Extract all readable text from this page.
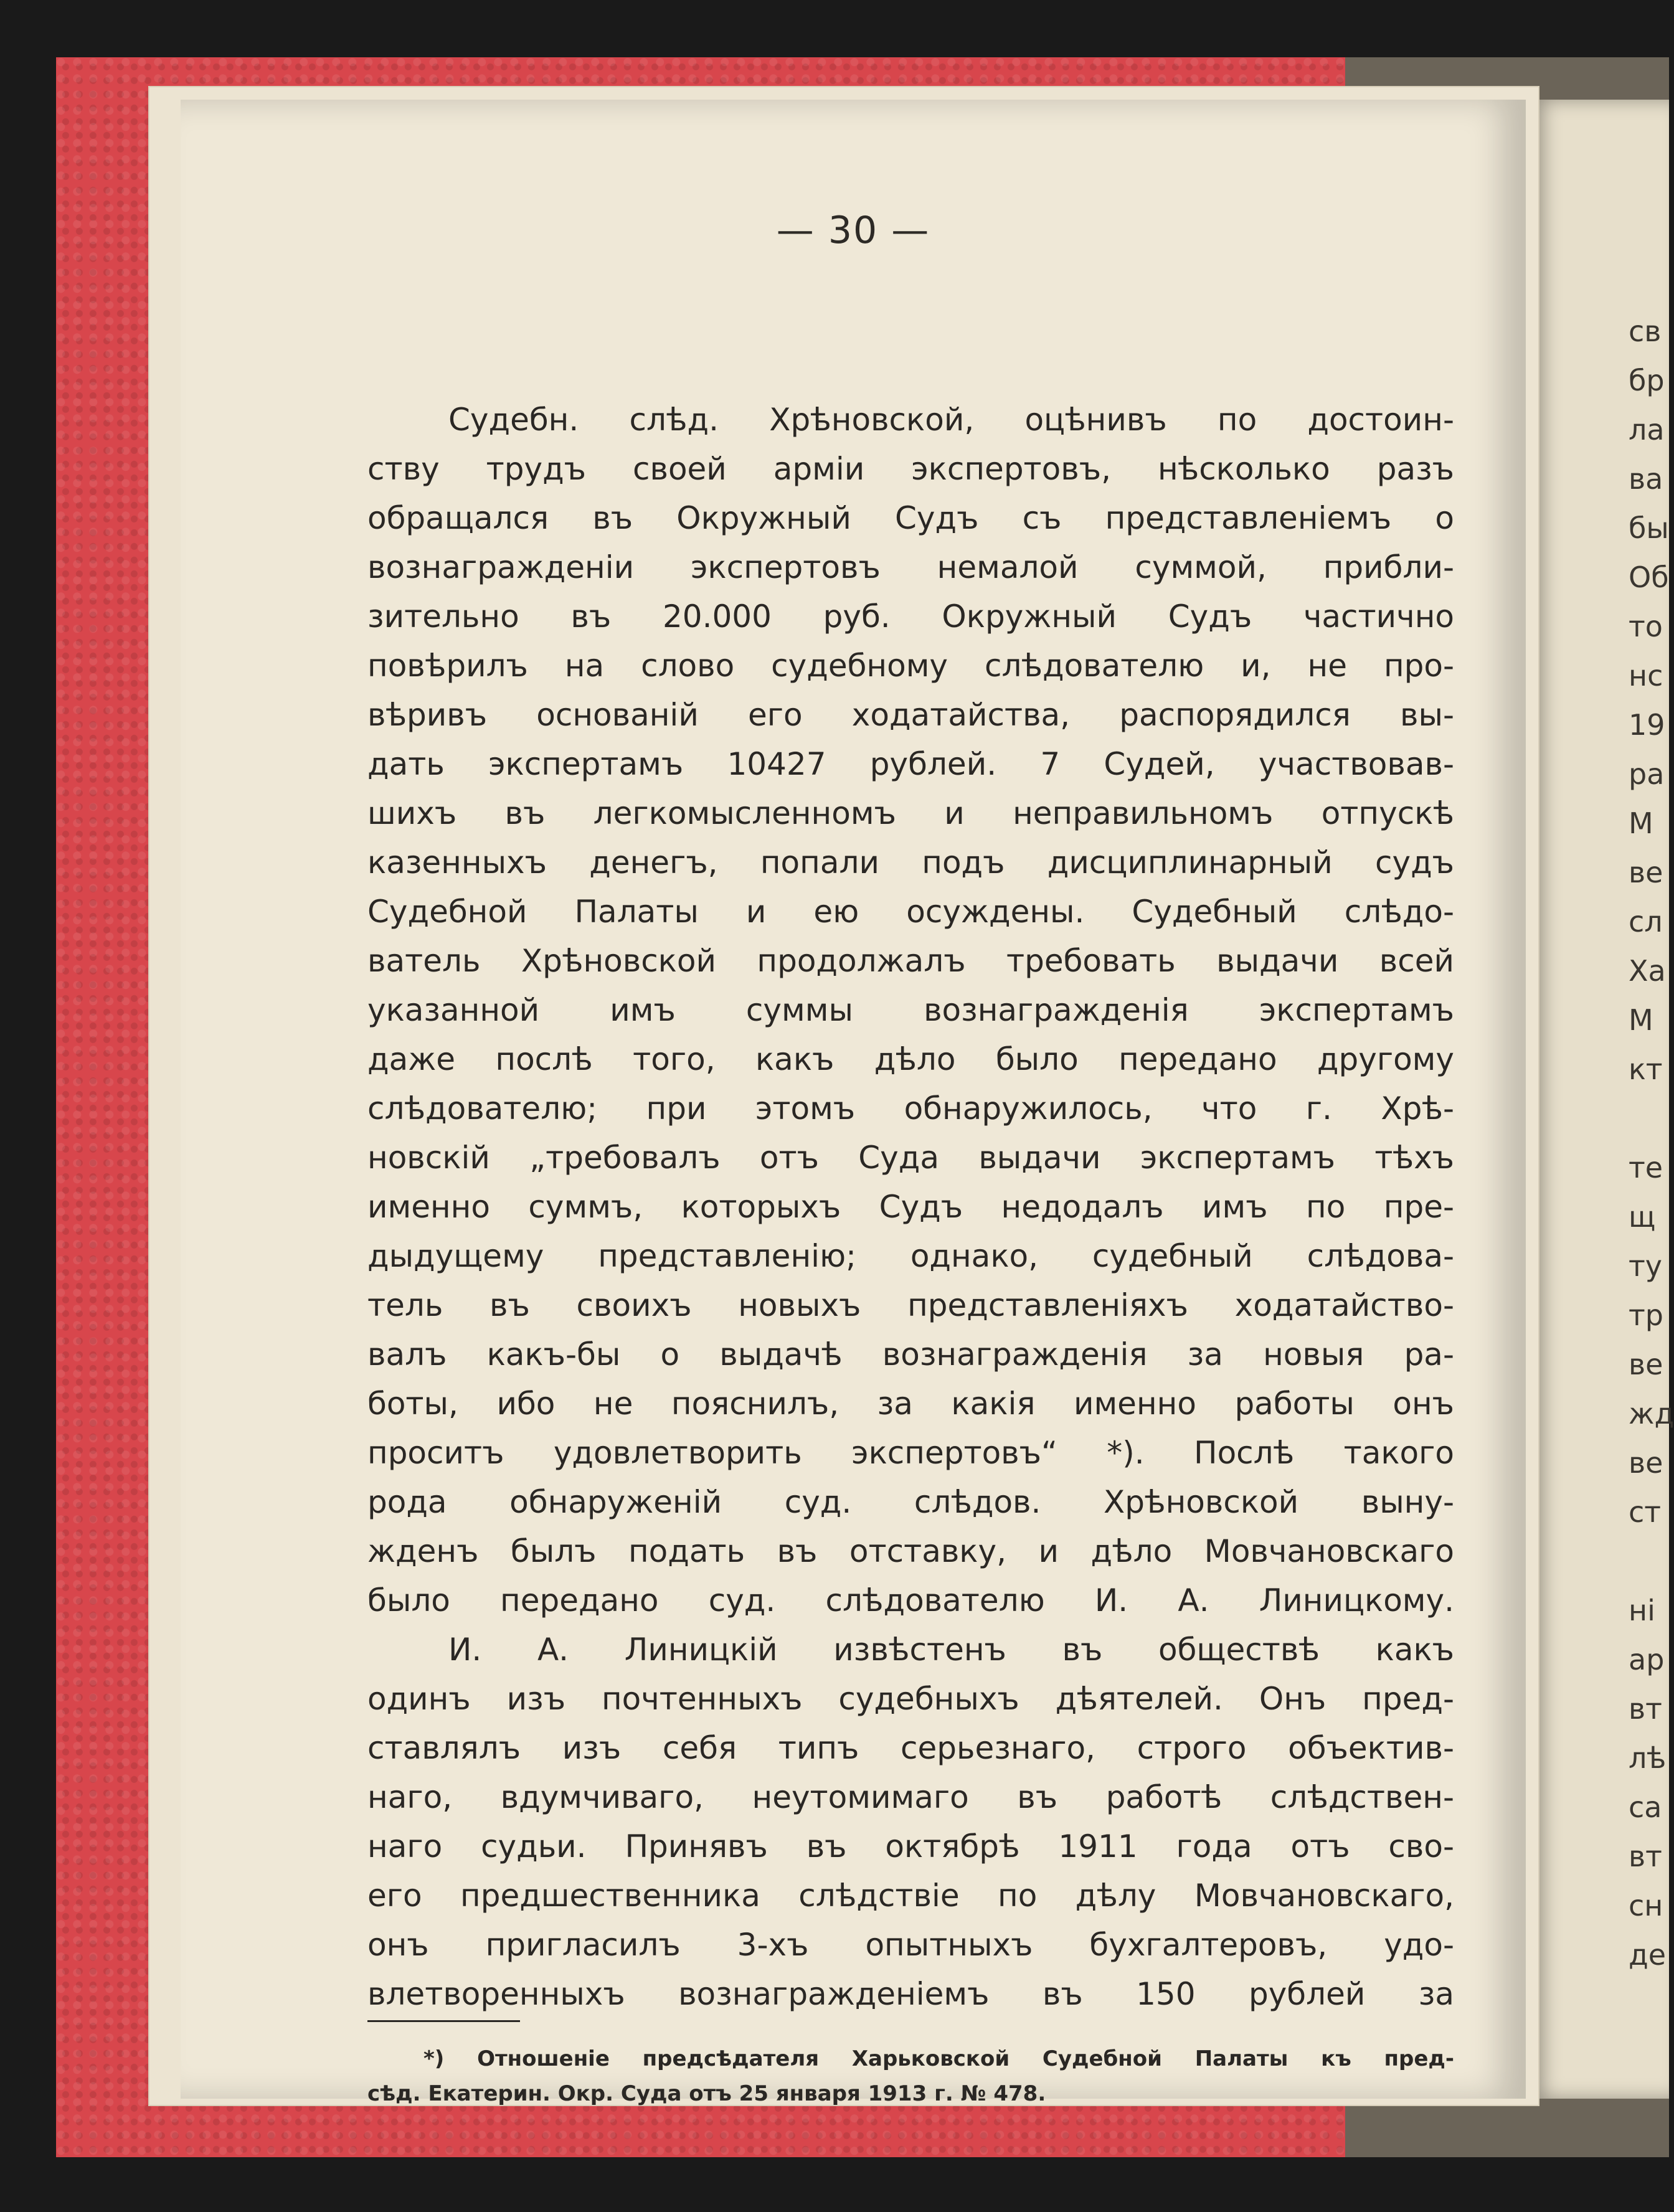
св
бр
ла
ва
бы
Об
то
нс
19
ра
М
ве
сл
Ха
М
кт
те
щ
ту
тр
ве
жд
ве
ст
ні
ар
вт
лѣ
са
вт
сн
де
— 30 —
Судебн. слѣд. Хрѣновской, оцѣнивъ по достоин-
ству трудъ своей арміи экспертовъ, нѣсколько разъ
обращался въ Окружный Судъ съ представленіемъ о
вознагражденіи экспертовъ немалой суммой, прибли-
зительно въ 20.000 руб. Окружный Судъ частично
повѣрилъ на слово судебному слѣдователю и, не про-
вѣривъ основаній его ходатайства, распорядился вы-
дать экспертамъ 10427 рублей. 7 Судей, участвовав-
шихъ въ легкомысленномъ и неправильномъ отпускѣ
казенныхъ денегъ, попали подъ дисциплинарный судъ
Судебной Палаты и ею осуждены. Судебный слѣдо-
ватель Хрѣновской продолжалъ требовать выдачи всей
указанной имъ суммы вознагражденія экспертамъ
даже послѣ того, какъ дѣло было передано другому
слѣдователю; при этомъ обнаружилось, что г. Хрѣ-
новскій „требовалъ отъ Суда выдачи экспертамъ тѣхъ
именно суммъ, которыхъ Судъ недодалъ имъ по пре-
дыдущему представленію; однако, судебный слѣдова-
тель въ своихъ новыхъ представленіяхъ ходатайство-
валъ какъ-бы о выдачѣ вознагражденія за новыя ра-
боты, ибо не пояснилъ, за какія именно работы онъ
проситъ удовлетворить экспертовъ“ *). Послѣ такого
рода обнаруженій суд. слѣдов. Хрѣновской выну-
жденъ былъ подать въ отставку, и дѣло Мовчановскаго
было передано суд. слѣдователю И. А. Линицкому.
И. А. Линицкій извѣстенъ въ обществѣ какъ
одинъ изъ почтенныхъ судебныхъ дѣятелей. Онъ пред-
ставлялъ изъ себя типъ серьезнаго, строго объектив-
наго, вдумчиваго, неутомимаго въ работѣ слѣдствен-
наго судьи. Принявъ въ октябрѣ 1911 года отъ сво-
его предшественника слѣдствіе по дѣлу Мовчановскаго,
онъ пригласилъ 3-хъ опытныхъ бухгалтеровъ, удо-
влетворенныхъ вознагражденіемъ въ 150 рублей за
*) Отношеніе предсѣдателя Харьковской Судебной Палаты къ пред-
сѣд. Екатерин. Окр. Суда отъ 25 января 1913 г. № 478.
